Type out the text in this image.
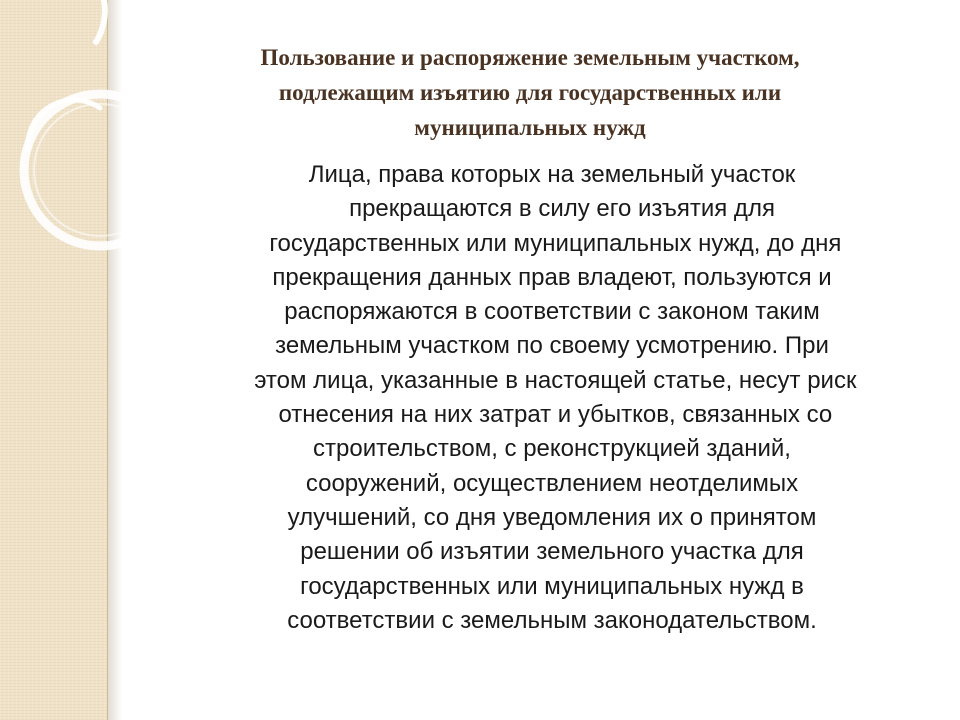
Пользование и распоряжение земельным участком,
подлежащим изъятию для государственных или
муниципальных нужд

Лица, права которых на земельный участок
прекращаются в силу его изъятия для
государственных или муниципальных нужд, до дня
прекращения данных прав владеют, пользуются и
распоряжаются в соответствии с законом таким
земельным участком по своему усмотрению. При
этом лица, указанные в настоящей статье, несут риск
отнесения на них затрат и убытков, связанных со
строительством, с реконструкцией зданий,
сооружений, осуществлением неотделимых
улучшений, со дня уведомления их о принятом
решении об изъятии земельного участка для
государственных или муниципальных нужд в
соответствии с земельным законодательством.
